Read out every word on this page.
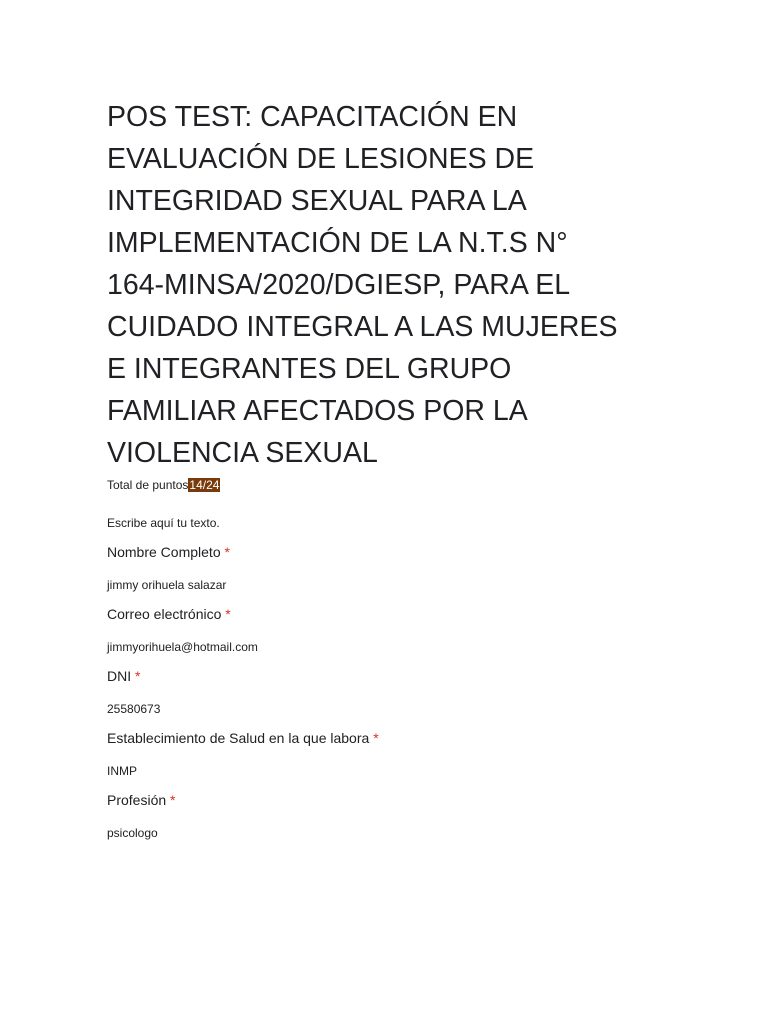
POS TEST: CAPACITACIÓN EN
EVALUACIÓN DE LESIONES DE
INTEGRIDAD SEXUAL PARA LA
IMPLEMENTACIÓN DE LA N.T.S N°
164-MINSA/2020/DGIESP, PARA EL
CUIDADO INTEGRAL A LAS MUJERES
E INTEGRANTES DEL GRUPO
FAMILIAR AFECTADOS POR LA
VIOLENCIA SEXUAL
Total de puntos14/24
Escribe aquí tu texto.
Nombre Completo *
jimmy orihuela salazar
Correo electrónico *
jimmyorihuela@hotmail.com
DNI *
25580673
Establecimiento de Salud en la que labora *
INMP
Profesión *
psicologo
